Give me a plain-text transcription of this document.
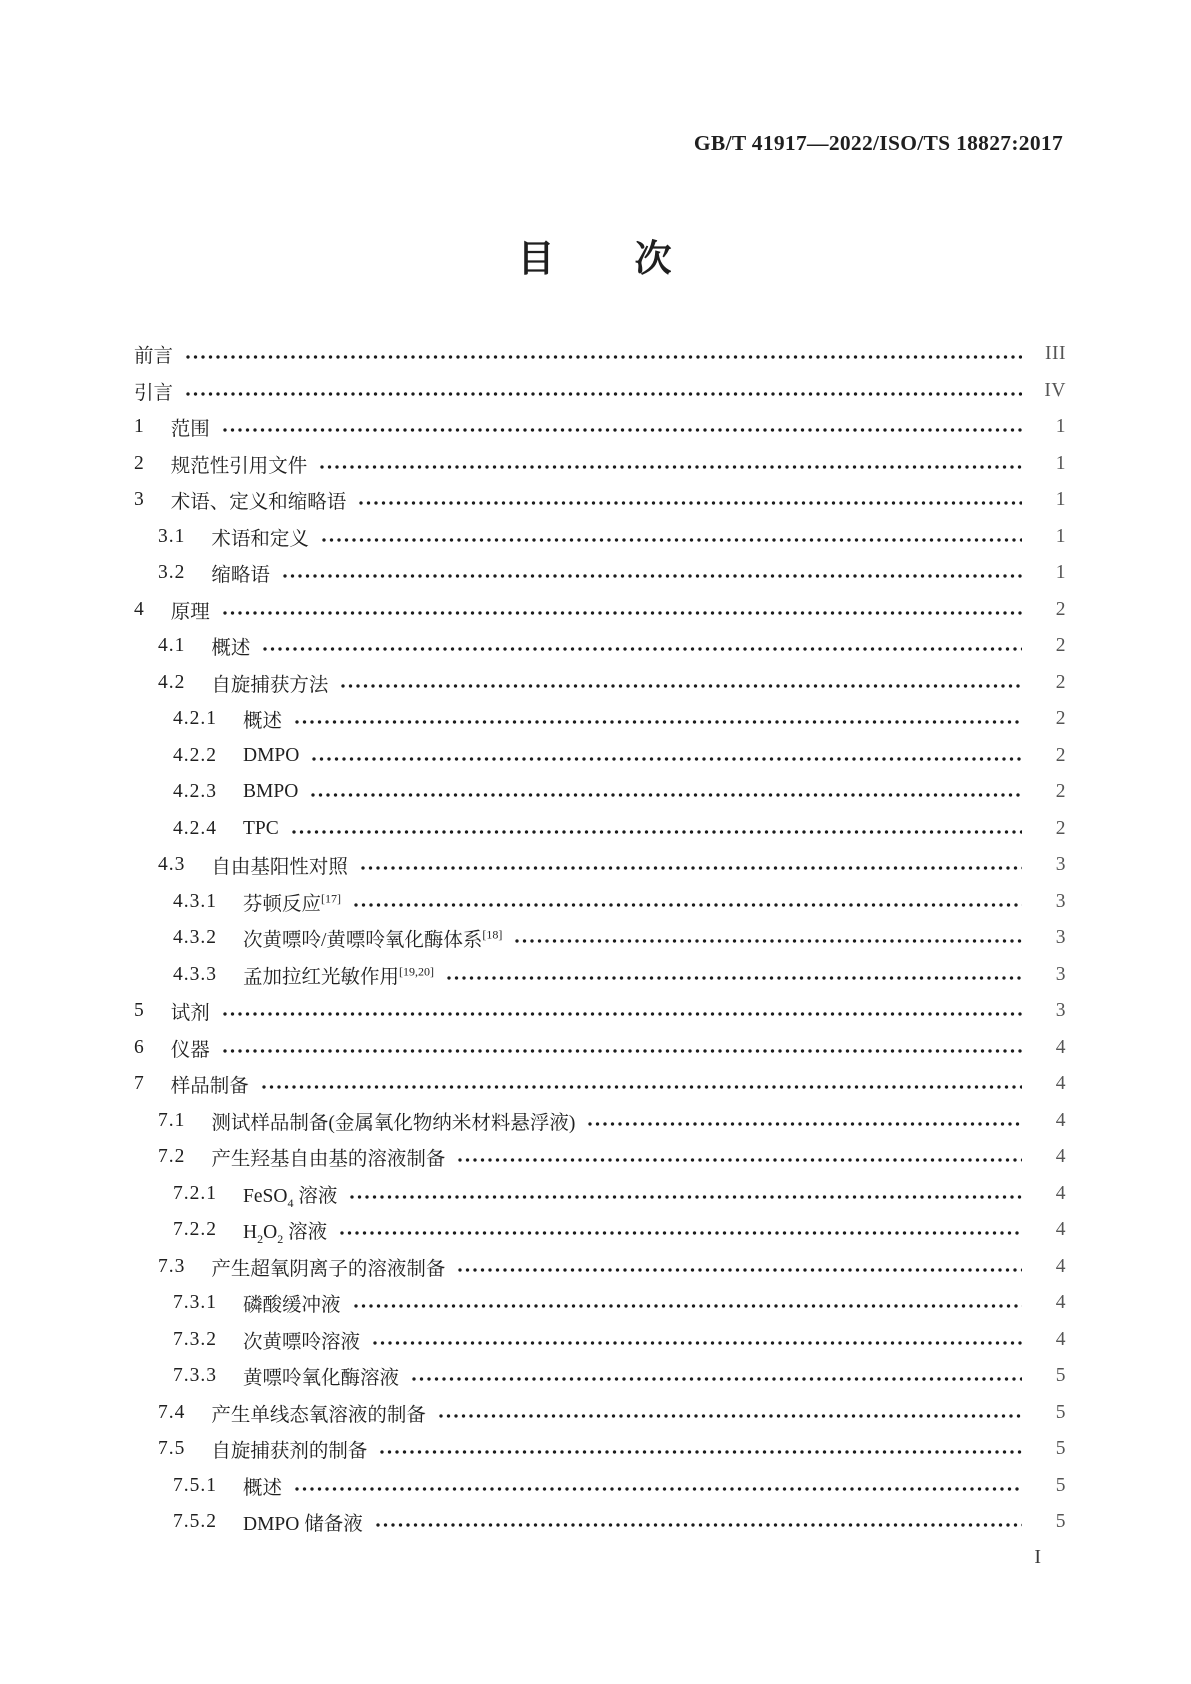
GB/T 41917—2022/ISO/TS 18827:2017
目　　次
前言	III
引言	IV
1 范围	1
2 规范性引用文件	1
3 术语、定义和缩略语	1
3.1 术语和定义	1
3.2 缩略语	1
4 原理	2
4.1 概述	2
4.2 自旋捕获方法	2
4.2.1 概述	2
4.2.2 DMPO	2
4.2.3 BMPO	2
4.2.4 TPC	2
4.3 自由基阳性对照	3
4.3.1 芬顿反应[17]	3
4.3.2 次黄嘌呤/黄嘌呤氧化酶体系[18]	3
4.3.3 孟加拉红光敏作用[19,20]	3
5 试剂	3
6 仪器	4
7 样品制备	4
7.1 测试样品制备(金属氧化物纳米材料悬浮液)	4
7.2 产生羟基自由基的溶液制备	4
7.2.1 FeSO$_4$ 溶液	4
7.2.2 $H_2O_2$ 溶液	4
7.3 产生超氧阴离子的溶液制备	4
7.3.1 磷酸缓冲液	4
7.3.2 次黄嘌呤溶液	4
7.3.3 黄嘌呤氧化酶溶液	5
7.4 产生单线态氧溶液的制备	5
7.5 自旋捕获剂的制备	5
7.5.1 概述	5
7.5.2 DMPO 储备液	5
I
